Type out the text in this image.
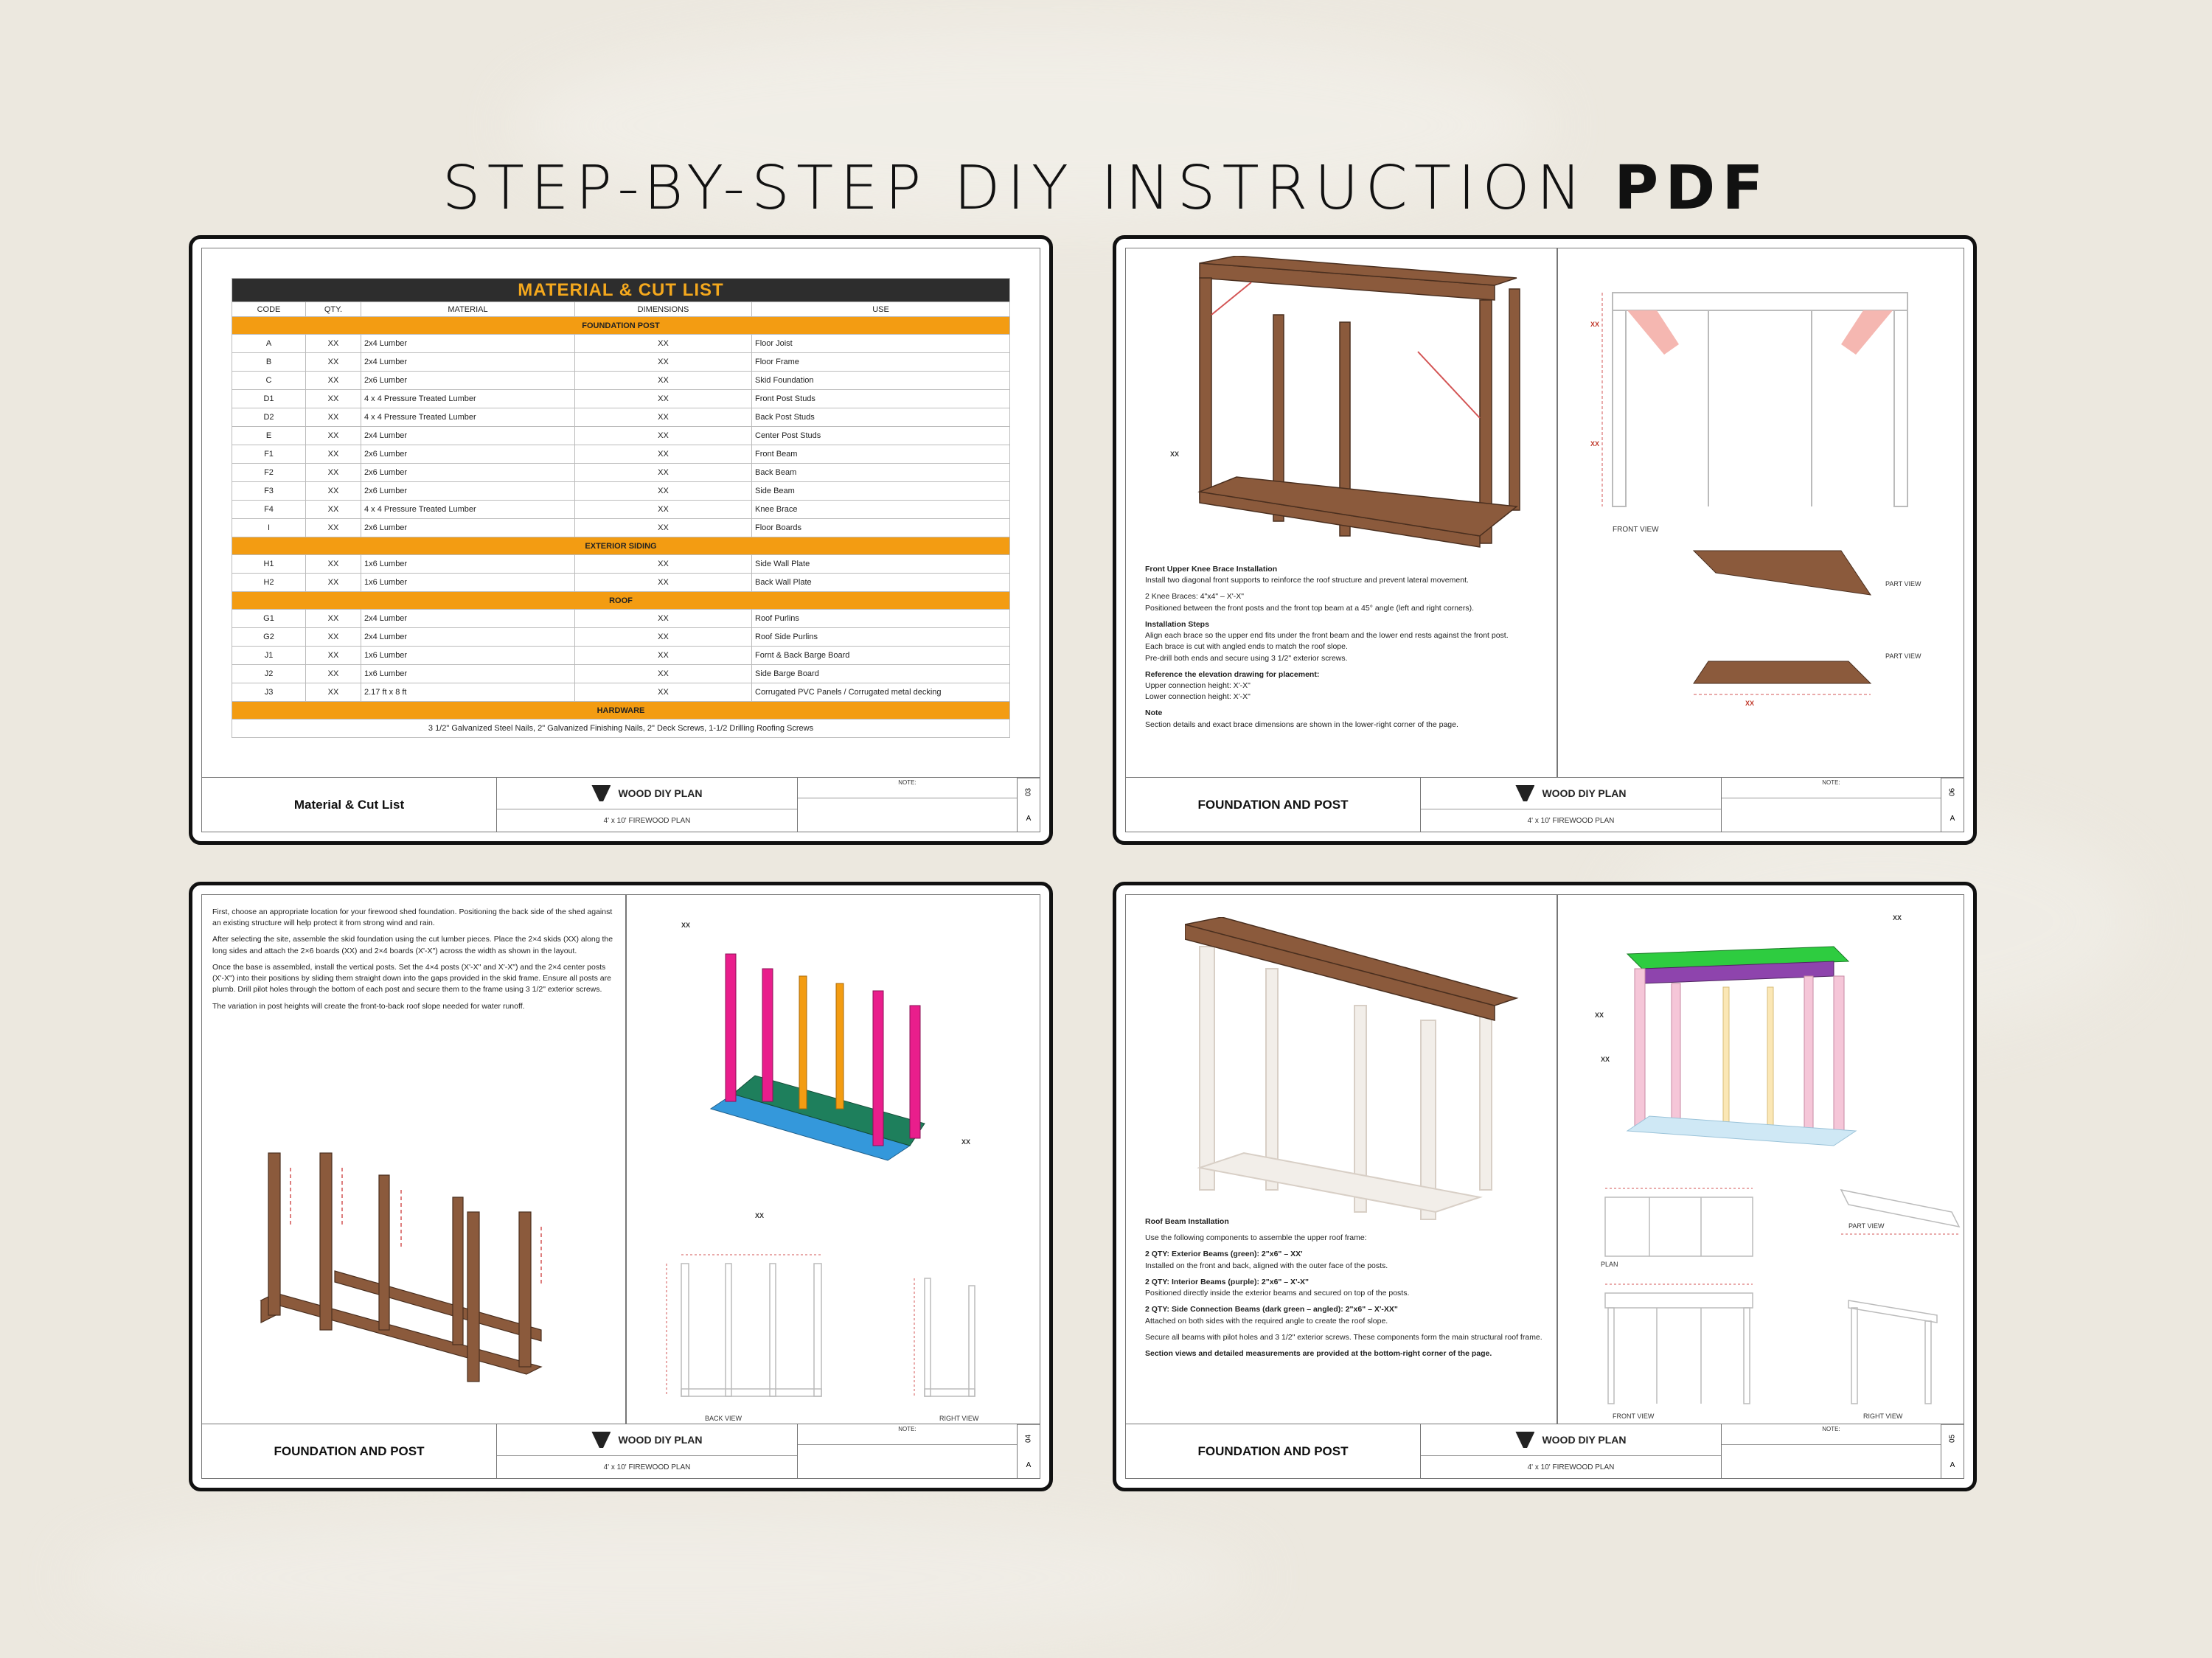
STEP-BY-STEP DIY INSTRUCTION PDF
MATERIAL & CUT LIST				
CODE	QTY.	MATERIAL	DIMENSIONS	USE
FOUNDATION POST				
A	XX	2x4 Lumber	XX	Floor Joist
B	XX	2x4 Lumber	XX	Floor Frame
C	XX	2x6 Lumber	XX	Skid Foundation
D1	XX	4 x 4 Pressure Treated Lumber	XX	Front Post Studs
D2	XX	4 x 4 Pressure Treated Lumber	XX	Back Post Studs
E	XX	2x4 Lumber	XX	Center Post Studs
F1	XX	2x6 Lumber	XX	Front Beam
F2	XX	2x6 Lumber	XX	Back Beam
F3	XX	2x6 Lumber	XX	Side Beam
F4	XX	4 x 4 Pressure Treated Lumber	XX	Knee Brace
I	XX	2x6 Lumber	XX	Floor Boards
EXTERIOR SIDING				
H1	XX	1x6 Lumber	XX	Side Wall Plate
H2	XX	1x6 Lumber	XX	Back Wall Plate
ROOF				
G1	XX	2x4 Lumber	XX	Roof Purlins
G2	XX	2x4 Lumber	XX	Roof Side Purlins
J1	XX	1x6 Lumber	XX	Fornt & Back Barge Board
J2	XX	1x6 Lumber	XX	Side Barge Board
J3	XX	2.17 ft x 8 ft	XX	Corrugated PVC Panels / Corrugated metal decking
HARDWARE				
3 1/2" Galvanized Steel Nails, 2" Galvanized Finishing Nails, 2" Deck Screws, 1-1/2 Drilling Roofing Screws				
Material & Cut List
WOOD DIY PLAN
4' x 10' FIREWOOD PLAN
NOTE:
03
A
XX
XX
XX
FRONT VIEW
PART VIEW
PART VIEW
XX

Front Upper Knee Brace Installation
Install two diagonal front supports to reinforce the roof structure and prevent lateral movement.

2 Knee Braces: 4"x4" – X'-X"
Positioned between the front posts and the front top beam at a 45° angle (left and right corners).

Installation Steps
Align each brace so the upper end fits under the front beam and the lower end rests against the front post.
Each brace is cut with angled ends to match the roof slope.
Pre-drill both ends and secure using 3 1/2" exterior screws.

Reference the elevation drawing for placement:
Upper connection height: X'-X"
Lower connection height: X'-X"

Note
Section details and exact brace dimensions are shown in the lower-right corner of the page.

FOUNDATION AND POST
WOOD DIY PLAN
4' x 10' FIREWOOD PLAN
NOTE:
06
A

First, choose an appropriate location for your firewood shed foundation. Positioning the back side of the shed against an existing structure will help protect it from strong wind and rain.

After selecting the site, assemble the skid foundation using the cut lumber pieces. Place the 2×4 skids (XX) along the long sides and attach the 2×6 boards (XX) and 2×4 boards (X'-X") across the width as shown in the layout.

Once the base is assembled, install the vertical posts. Set the 4×4 posts (X'-X" and X'-X") and the 2×4 center posts (X'-X") into their positions by sliding them straight down into the gaps provided in the skid frame. Ensure all posts are plumb. Drill pilot holes through the bottom of each post and secure them to the frame using 3 1/2" exterior screws.

The variation in post heights will create the front-to-back roof slope needed for water runoff.

XX
XX
XX
BACK VIEW	RIGHT VIEW
FOUNDATION AND POST
WOOD DIY PLAN
4' x 10' FIREWOOD PLAN
NOTE:
04
A
XX
XX
XX
PLAN
PART VIEW
FRONT VIEW	RIGHT VIEW

Roof Beam Installation

Use the following components to assemble the upper roof frame:

2 QTY: Exterior Beams (green): 2"x6" – XX'
Installed on the front and back, aligned with the outer face of the posts.

2 QTY: Interior Beams (purple): 2"x6" – X'-X"
Positioned directly inside the exterior beams and secured on top of the posts.

2 QTY: Side Connection Beams (dark green – angled): 2"x6" – X'-XX"
Attached on both sides with the required angle to create the roof slope.

Secure all beams with pilot holes and 3 1/2" exterior screws. These components form the main structural roof frame.

Section views and detailed measurements are provided at the bottom-right corner of the page.

FOUNDATION AND POST
WOOD DIY PLAN
4' x 10' FIREWOOD PLAN
NOTE:
05
A
